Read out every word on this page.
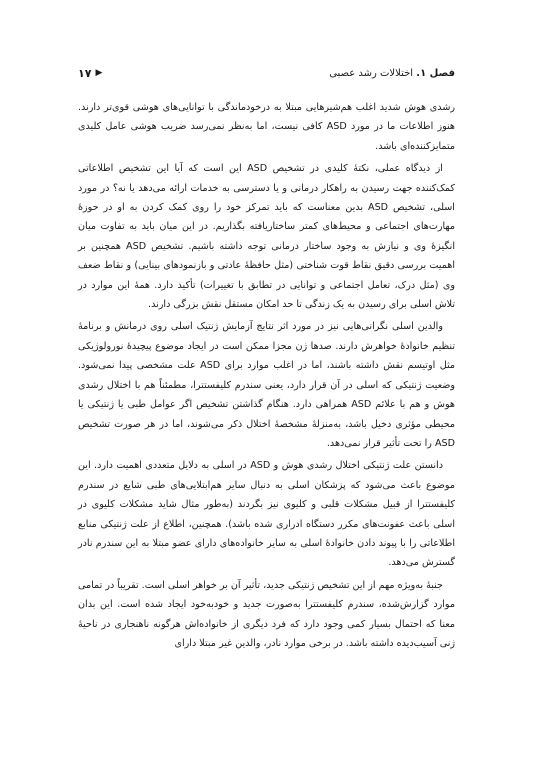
۱۷ ▶	فصل ۱. اختلالات رشد عصبی

رشدی هوش شدید اغلب هم‌شیرهایی مبتلا به درخودماندگی با توانایی‌های هوشی قوی‌تر دارند. هنوز اطلاعات ما در مورد ASD کافی نیست، اما به‌نظر نمی‌رسد ضریب هوشی عامل کلیدی متمایزکننده‌ای باشد.

از دیدگاه عملی، نکتهٔ کلیدی در تشخیص ASD این است که آیا این تشخیص اطلاعاتی کمک‌کننده جهت رسیدن به راهکار درمانی و یا دسترسی به خدمات ارائه می‌دهد یا نه؟ در مورد اسلی، تشخیص ASD بدین معناست که باید تمرکز خود را روی کمک کردن به او در حوزهٔ مهارت‌های اجتماعی و محیط‌های کمتر ساختاریافته بگذاریم. در این میان باید به تفاوت میان انگیزهٔ وی و نیازش به وجود ساختار درمانی توجه داشته باشیم. تشخیص ASD همچنین بر اهمیت بررسی دقیق نقاط قوت شناختی (مثل حافظهٔ عادتی و بازنمودهای بینایی) و نقاط ضعف وی (مثل درک، تعامل اجتماعی و توانایی در تطابق با تغییرات) تأکید دارد. همهٔ این موارد در تلاش اسلی برای رسیدن به یک زندگی تا حد امکان مستقل نقش بزرگی دارند.

والدین اسلی نگرانی‌هایی نیز در مورد اثر نتایج آزمایش ژنتیک اسلی روی درمانش و برنامهٔ تنظیم خانوادهٔ خواهرش دارند. صدها ژن مجزا ممکن است در ایجاد موضوع پیچیدهٔ نورولوژیکی مثل اوتیسم نقش داشته باشند، اما در اغلب موارد برای ASD علت مشخصی پیدا نمی‌شود. وضعیت ژنتیکی که اسلی در آن قرار دارد، یعنی سندرم کلیفستترا، مطمئناً هم با اختلال رشدی هوش و هم با علائم ASD همراهی دارد. هنگام گذاشتن تشخیص اگر عوامل طبی یا ژنتیکی یا محیطی مؤثری دخیل باشد، به‌منزلهٔ مشخصهٔ اختلال ذکر می‌شوند، اما در هر صورت تشخیص ASD را تحت تأثیر قرار نمی‌دهد.

دانستن علت ژنتیکی اختلال رشدی هوش و ASD در اسلی به دلایل متعددی اهمیت دارد. این موضوع باعث می‌شود که پزشکان اسلی به دنبال سایر هم‌ابتلایی‌های طبی شایع در سندرم کلیفستترا از قبیل مشکلات قلبی و کلیوی نیز بگردند (به‌طور مثال شاید مشکلات کلیوی در اسلی باعث عفونت‌های مکرر دستگاه ادراری شده باشد). همچنین، اطلاع از علت ژنتیکی منابع اطلاعاتی را با پیوند دادن خانوادهٔ اسلی به سایر خانواده‌های دارای عضو مبتلا به این سندرم نادر گسترش می‌دهد.

جنبهٔ به‌ویژه مهم از این تشخیص ژنتیکی جدید، تأثیر آن بر خواهر اسلی است. تقریباً در تمامی موارد گزارش‌شده، سندرم کلیفستترا به‌صورت جدید و خودبه‌خود ایجاد شده است. این بدان معنا که احتمال بسیار کمی وجود دارد که فرد دیگری از خانواده‌اش هرگونه ناهنجاری در ناحیهٔ ژنی آسیب‌دیده داشته باشد. در برخی موارد نادر، والدین غیر مبتلا دارای
